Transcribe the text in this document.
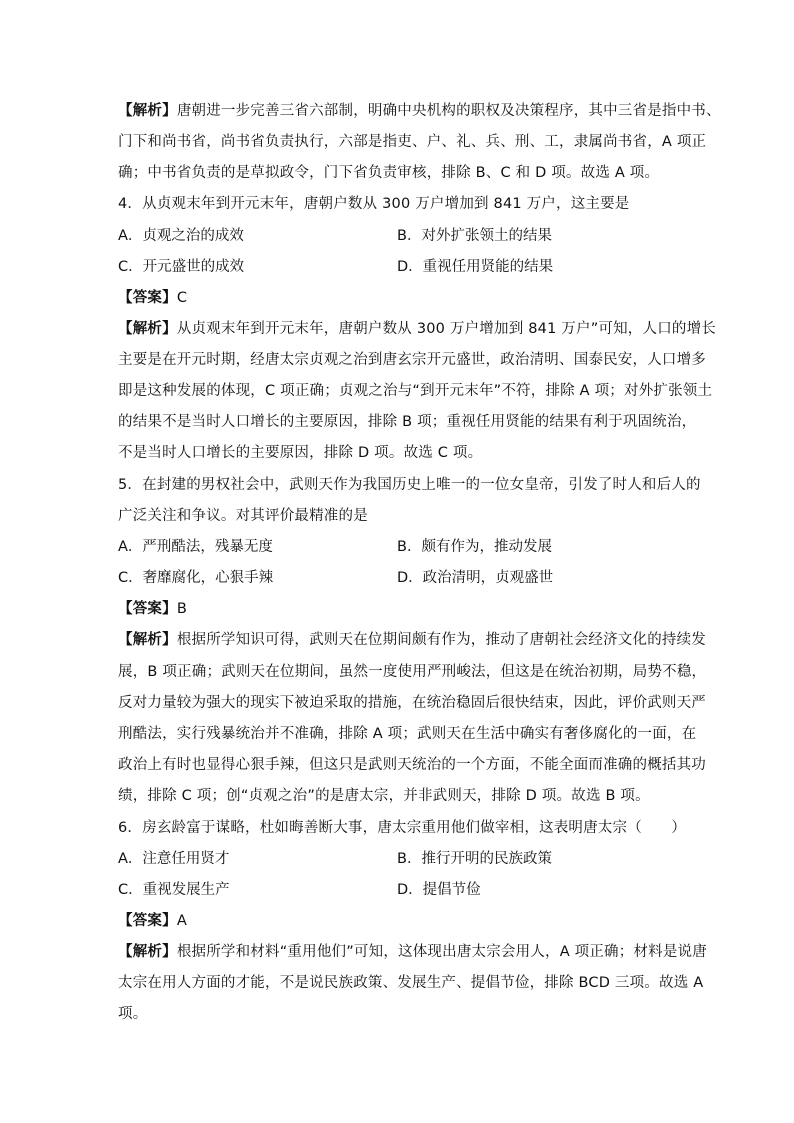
【解析】唐朝进一步完善三省六部制，明确中央机构的职权及决策程序，其中三省是指中书、
门下和尚书省，尚书省负责执行，六部是指吏、户、礼、兵、刑、工，隶属尚书省，A 项正
确；中书省负责的是草拟政令，门下省负责审核，排除 B、C 和 D 项。故选 A 项。
4．从贞观末年到开元末年，唐朝户数从 300 万户增加到 841 万户，这主要是
A．贞观之治的成效	B．对外扩张领土的结果
C．开元盛世的成效	D．重视任用贤能的结果
【答案】C
【解析】从贞观末年到开元末年，唐朝户数从 300 万户增加到 841 万户”可知，人口的增长
主要是在开元时期，经唐太宗贞观之治到唐玄宗开元盛世，政治清明、国泰民安，人口增多
即是这种发展的体现，C 项正确；贞观之治与“到开元末年”不符，排除 A 项；对外扩张领土
的结果不是当时人口增长的主要原因，排除 B 项；重视任用贤能的结果有利于巩固统治，
不是当时人口增长的主要原因，排除 D 项。故选 C 项。
5．在封建的男权社会中，武则天作为我国历史上唯一的一位女皇帝，引发了时人和后人的
广泛关注和争议。对其评价最精准的是
A．严刑酷法，残暴无度	B．颇有作为，推动发展
C．奢靡腐化，心狠手辣	D．政治清明，贞观盛世
【答案】B
【解析】根据所学知识可得，武则天在位期间颇有作为，推动了唐朝社会经济文化的持续发
展，B 项正确；武则天在位期间，虽然一度使用严刑峻法，但这是在统治初期，局势不稳，
反对力量较为强大的现实下被迫采取的措施，在统治稳固后很快结束，因此，评价武则天严
刑酷法，实行残暴统治并不准确，排除 A 项；武则天在生活中确实有奢侈腐化的一面，在
政治上有时也显得心狠手辣，但这只是武则天统治的一个方面，不能全面而准确的概括其功
绩，排除 C 项；创“贞观之治”的是唐太宗，并非武则天，排除 D 项。故选 B 项。
6．房玄龄富于谋略，杜如晦善断大事，唐太宗重用他们做宰相，这表明唐太宗（　　）
A．注意任用贤才	B．推行开明的民族政策
C．重视发展生产	D．提倡节俭
【答案】A
【解析】根据所学和材料“重用他们”可知，这体现出唐太宗会用人，A 项正确；材料是说唐
太宗在用人方面的才能，不是说民族政策、发展生产、提倡节俭，排除 BCD 三项。故选 A
项。
